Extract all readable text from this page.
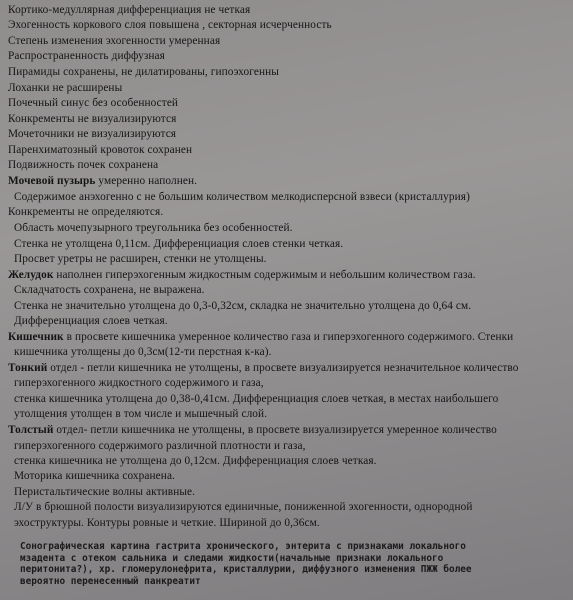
Кортико-медуллярная дифференциация не четкая
Эхогенность коркового слоя повышена , секторная исчерченность
Степень изменения эхогенности умеренная
Распространенность диффузная
Пирамиды сохранены, не дилатированы, гипоэхогенны
Лоханки не расширены
Почечный синус без особенностей
Конкременты не визуализируются
Мочеточники не визуализируются
Паренхиматозный кровоток сохранен
Подвижность почек сохранена
Мочевой пузырь умеренно наполнен.
Содержимое анэхогенно с не большим количеством мелкодисперсной взвеси (кристаллурия)
Конкременты не определяются.
Область мочепузырного треугольника без особенностей.
Стенка не утолщена 0,11см. Дифференциация слоев стенки четкая.
Просвет уретры не расширен, стенки не утолщены.
Желудок наполнен гиперэхогенным жидкостным содержимым и небольшим количеством газа.
Складчатость сохранена, не выражена.
Стенка не значительно утолщена до 0,3-0,32см, складка не значительно утолщена до 0,64 см.
Дифференциация слоев четкая.
Кишечник в просвете кишечника умеренное количество газа и гиперэхогенного содержимого. Стенки
кишечника утолщены до 0,3см(12-ти перстная к-ка).
Тонкий отдел - петли кишечника не утолщены, в просвете визуализируется незначительное количество
гиперэхогенного жидкостного содержимого и газа,
стенка кишечника утолщена до 0,38-0,41см. Дифференциация слоев четкая, в местах наибольшего
утолщения утолщен в том числе и мышечный слой.
Толстый отдел- петли кишечника не утолщены, в просвете визуализируется умеренное количество
гиперэхогенного содержимого различной плотности и газа,
стенка кишечника не утолщена до 0,12см. Дифференциация слоев четкая.
Моторика кишечника сохранена.
Перистальтические волны активные.
Л/У в брюшной полости визуализируются единичные, пониженной эхогенности, однородной
эхоструктуры. Контуры ровные и четкие. Шириной до 0,36см.
Сонографическая картина гастрита хронического, энтерита с признаками локального
мзадента с отеком сальника и следами жидкости(начальные признаки локального
перитонита?), хр. гломерулонефрита, кристаллурии, диффузного изменения ПЖЖ более
вероятно перенесенный панкреатит
